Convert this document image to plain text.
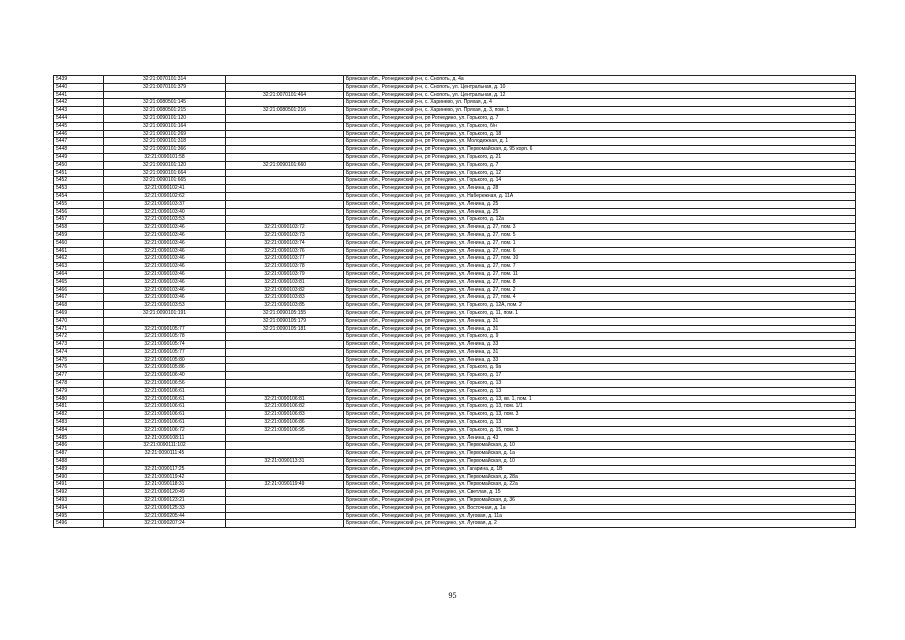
5439	32:21:0070101:314		Брянская обл., Рогнединский р-н, с. Снопоть, д. 4а
5440	32:21:0070101:379		Брянская обл., Рогнединский р-н, с. Снопоть, ул. Центральная, д. 10
5441		32:21:0070101:464	Брянская обл., Рогнединский р-н, с. Снопоть, ул. Центральная, д. 12
5442	32:21:0080501:145		Брянская обл., Рогнединский р-н, с. Харинево, ул. Пряхая, д. 4
5443	32:21:0080501:215	32:21:0080501:216	Брянская обл., Рогнединский р-н, с. Харинево, ул. Пряхая, д. 3, пом. 1
5444	32:21:0090101:120		Брянская обл., Рогнединский р-н, рп Рогнедино, ул. Горького, д. 7
5445	32:21:0090101:164		Брянская обл., Рогнединский р-н, рп Рогнедино, ул. Горького, б/н
5446	32:21:0090101:269		Брянская обл., Рогнединский р-н, рп Рогнедино, ул. Горького, д. 18
5447	32:21:0090101:318		Брянская обл., Рогнединский р-н, рп Рогнедино, ул. Молодежная, д. 1
5448	32:21:0090101:366		Брянская обл., Рогнединский р-н, рп Рогнедино, ул. Первомайская, д. 95 корп. 6
5449	32:21:0090101:58		Брянская обл., Рогнединский р-н, рп Рогнедино, ул. Горького, д. 21
5450	32:21:0090101:120	32:21:0090101:660	Брянская обл., Рогнединский р-н, рп Рогнедино, ул. Горького, д. 7
5451	32:21:0090101:664		Брянская обл., Рогнединский р-н, рп Рогнедино, ул. Горького, д. 12
5452	32:21:0090101:665		Брянская обл., Рогнединский р-н, рп Рогнедино, ул. Горького, д. 14
5453	32:21:0090102:41		Брянская обл., Рогнединский р-н, рп Рогнедино, ул. Ленина, д. 28
5454	32:21:0090102:62		Брянская обл., Рогнединский р-н, рп Рогнедино, ул. Набережная, д. 11А
5455	32:21:0090103:37		Брянская обл., Рогнединский р-н, рп Рогнедино, ул. Ленина, д. 25
5456	32:21:0090103:40		Брянская обл., Рогнединский р-н, рп Рогнедино, ул. Ленина, д. 25
5457	32:21:0090103:53		Брянская обл., Рогнединский р-н, рп Рогнедино, ул. Горького, д. 12а
5458	32:21:0090103:46	32:21:0090103:72	Брянская обл., Рогнединский р-н, рп Рогнедино, ул. Ленина, д. 27, пом. 3
5459	32:21:0090103:46	32:21:0090103:73	Брянская обл., Рогнединский р-н, рп Рогнедино, ул. Ленина, д. 27, пом. 5
5460	32:21:0090103:46	32:21:0090103:74	Брянская обл., Рогнединский р-н, рп Рогнедино, ул. Ленина, д. 27, пом. 1
5461	32:21:0090103:46	32:21:0090103:76	Брянская обл., Рогнединский р-н, рп Рогнедино, ул. Ленина, д. 27, пом. 6
5462	32:21:0090103:46	32:21:0090103:77	Брянская обл., Рогнединский р-н, рп Рогнедино, ул. Ленина, д. 27, пом. 10
5463	32:21:0090103:46	32:21:0090103:78	Брянская обл., Рогнединский р-н, рп Рогнедино, ул. Ленина, д. 27, пом. 7
5464	32:21:0090103:46	32:21:0090103:79	Брянская обл., Рогнединский р-н, рп Рогнедино, ул. Ленина, д. 27, пом. 11
5465	32:21:0090103:46	32:21:0090103:81	Брянская обл., Рогнединский р-н, рп Рогнедино, ул. Ленина, д. 27, пом. 8
5466	32:21:0090103:46	32:21:0090103:82	Брянская обл., Рогнединский р-н, рп Рогнедино, ул. Ленина, д. 27, пом. 2
5467	32:21:0090103:46	32:21:0090103:83	Брянская обл., Рогнединский р-н, рп Рогнедино, ул. Ленина, д. 27, пом. 4
5468	32:21:0090103:53	32:21:0090103:85	Брянская обл., Рогнединский р-н, рп Рогнедино, ул. Горького, д. 12А, пом. 2
5469	32:21:0090101:191	32:21:0090105:155	Брянская обл., Рогнединский р-н, рп Рогнедино, ул. Горького, д. 11, пом. 1
5470		32:21:0090105:179	Брянская обл., Рогнединский р-н, рп Рогнедино, ул. Ленина, д. 31
5471	32:21:0090105:77	32:21:0090105:181	Брянская обл., Рогнединский р-н, рп Рогнедино, ул. Ленина, д. 31
5472	32:21:0090105:78		Брянская обл., Рогнединский р-н, рп Рогнедино, ул. Горького, д. 9
5473	32:21:0090105:74		Брянская обл., Рогнединский р-н, рп Рогнедино, ул. Ленина, д. 33
5474	32:21:0090105:77		Брянская обл., Рогнединский р-н, рп Рогнедино, ул. Ленина, д. 31
5475	32:21:0090105:80		Брянская обл., Рогнединский р-н, рп Рогнедино, ул. Ленина, д. 33
5476	32:21:0090105:86		Брянская обл., Рогнединский р-н, рп Рогнедино, ул. Горького, д. 9а
5477	32:21:0090106:40		Брянская обл., Рогнединский р-н, рп Рогнедино, ул. Горького, д. 17
5478	32:21:0090106:56		Брянская обл., Рогнединский р-н, рп Рогнедино, ул. Горького, д. 13
5479	32:21:0090106:61		Брянская обл., Рогнединский р-н, рп Рогнедино, ул. Горького, д. 13
5480	32:21:0090106:61	32:21:0090106:81	Брянская обл., Рогнединский р-н, рп Рогнедино, ул. Горького, д. 13, кв. 1, пом. 1
5481	32:21:0090106:61	32:21:0090106:82	Брянская обл., Рогнединский р-н, рп Рогнедино, ул. Горького, д. 13, пом. 1/1
5482	32:21:0090106:61	32:21:0090106:83	Брянская обл., Рогнединский р-н, рп Рогнедино, ул. Горького, д. 13, пом. 3
5483	32:21:0090106:61	32:21:0090106:86	Брянская обл., Рогнединский р-н, рп Рогнедино, ул. Горького, д. 13
5484	32:21:0090106:72	32:21:0090106:95	Брянская обл., Рогнединский р-н, рп Рогнедино, ул. Горького, д. 15, пом. 3
5485	32:21:0090108:11		Брянская обл., Рогнединский р-н, рп Рогнедино, ул. Ленина, д. 43
5486	32:21:0090111:102		Брянская обл., Рогнединский р-н, рп Рогнедино, ул. Первомайская, д. 10
5487	32:21:0090111:45		Брянская обл., Рогнединский р-н, рп Рогнедино, ул. Первомайская, д. 1а
5488		32:21:0090113:31	Брянская обл., Рогнединский р-н, рп Рогнедино, ул. Первомайская, д. 10
5489	32:21:0090117:25		Брянская обл., Рогнединский р-н, рп Рогнедино, ул. Гагарина, д. 1В
5490	32:21:0090119:42		Брянская обл., Рогнединский р-н, рп Рогнедино, ул. Первомайская, д. 28а
5491	32:21:0090118:31	32:21:0090119:49	Брянская обл., Рогнединский р-н, рп Рогнедино, ул. Первомайская, д. 22а
5492	32:21:0090120:49		Брянская обл., Рогнединский р-н, рп Рогнедино, ул. Светлая, д. 15
5493	32:21:0090123:21		Брянская обл., Рогнединский р-н, рп Рогнедино, ул. Первомайская, д. 36
5494	32:21:0090125:33		Брянская обл., Рогнединский р-н, рп Рогнедино, ул. Восточная, д. 1а
5495	32:21:0090205:44		Брянская обл., Рогнединский р-н, рп Рогнедино, ул. Луговая, д. 11а
5496	32:21:0090207:24		Брянская обл., Рогнединский р-н, рп Рогнедино, ул. Луговая, д. 2
95
